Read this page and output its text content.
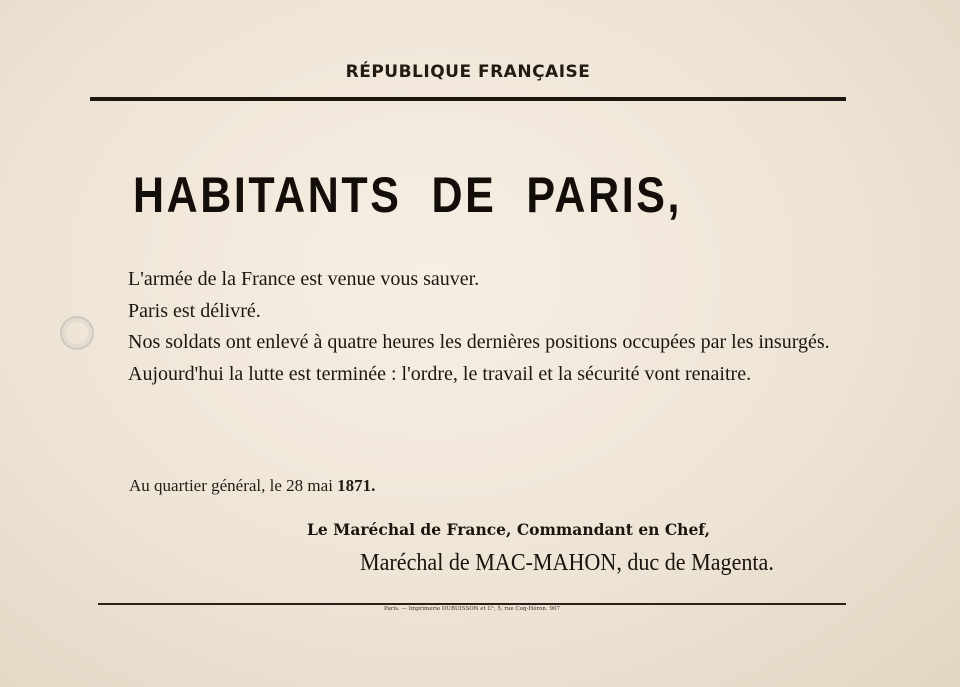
RÉPUBLIQUE FRANÇAISE
HABITANTS DE PARIS,

L'armée de la France est venue vous sauver.

Paris est délivré.

Nos soldats ont enlevé à quatre heures les dernières positions occupées par les insurgés.

Aujourd'hui la lutte est terminée : l'ordre, le travail et la sécurité vont renaitre.

Au quartier général, le 28 mai 1871.
Le Maréchal de France, Commandant en Chef,
Maréchal de MAC-MAHON, duc de Magenta.
Paris. — Imprimerie DUBUISSON et Cᵉ, 5, rue Coq-Héron. 907
